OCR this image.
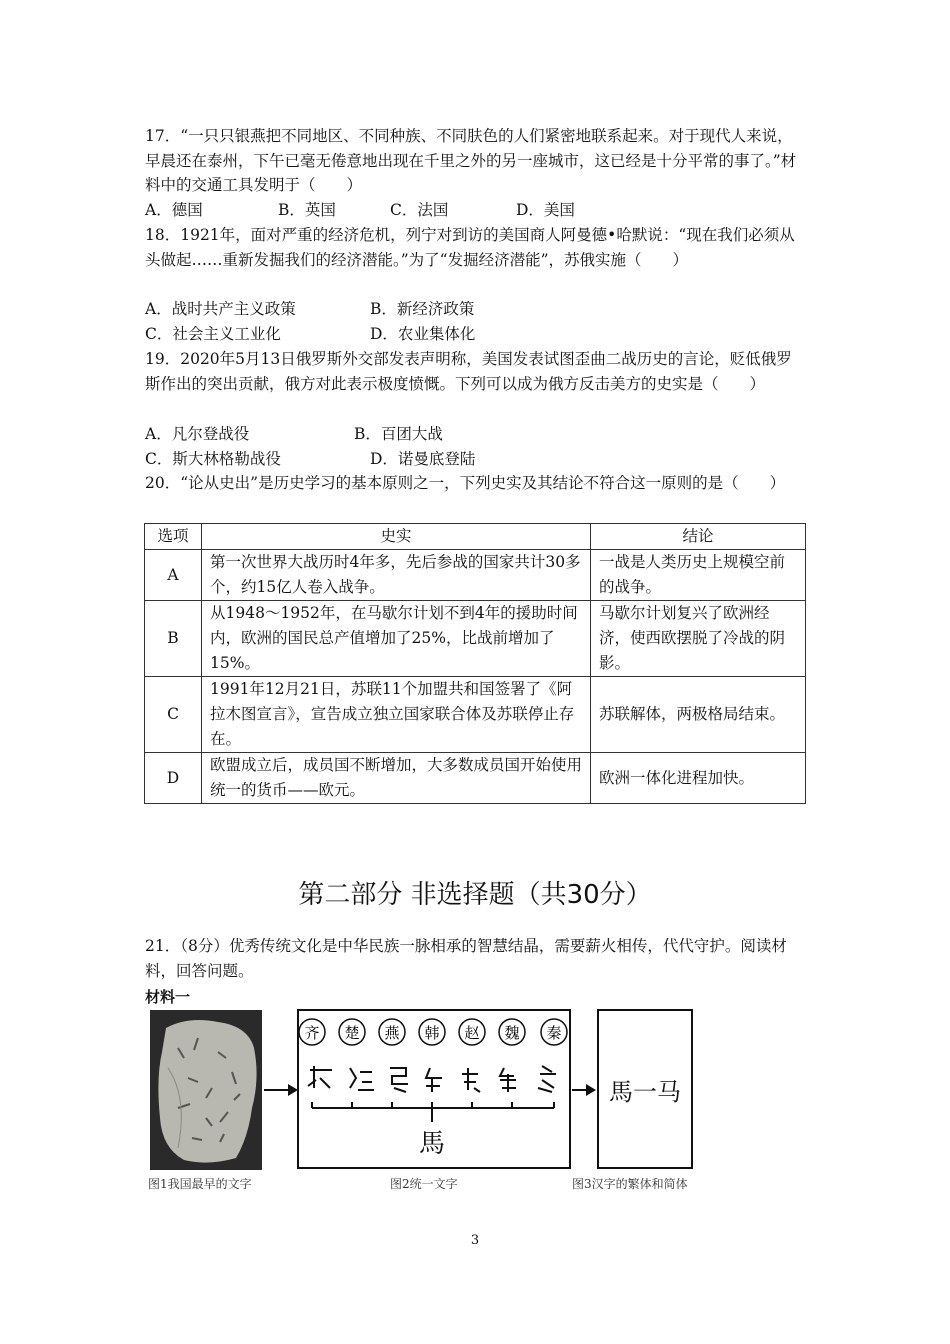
17．“一只只银燕把不同地区、不同种族、不同肤色的人们紧密地联系起来。对于现代人来说，早晨还在泰州，下午已毫无倦意地出现在千里之外的另一座城市，这已经是十分平常的事了。”材料中的交通工具发明于（　　）
A．德国	B．英国	C．法国	D．美国
18．1921年，面对严重的经济危机，列宁对到访的美国商人阿曼德•哈默说：“现在我们必须从头做起……重新发掘我们的经济潜能。”为了“发掘经济潜能”，苏俄实施（　　）
A．战时共产主义政策	B．新经济政策
C．社会主义工业化	D．农业集体化
19．2020年5月13日俄罗斯外交部发表声明称，美国发表试图歪曲二战历史的言论，贬低俄罗斯作出的突出贡献，俄方对此表示极度愤慨。下列可以成为俄方反击美方的史实是（　　）
A．凡尔登战役	B．百团大战
C．斯大林格勒战役	D．诺曼底登陆
20．“论从史出”是历史学习的基本原则之一，下列史实及其结论不符合这一原则的是（　　）
选项	史实	结论
A	第一次世界大战历时4年多，先后参战的国家共计30多个，约15亿人卷入战争。	一战是人类历史上规模空前的战争。
B	从1948～1952年，在马歇尔计划不到4年的援助时间内，欧洲的国民总产值增加了25%，比战前增加了15%。	马歇尔计划复兴了欧洲经济，使西欧摆脱了冷战的阴影。
C	1991年12月21日，苏联11个加盟共和国签署了《阿拉木图宣言》，宣告成立独立国家联合体及苏联停止存在。	苏联解体，两极格局结束。
D	欧盟成立后，成员国不断增加，大多数成员国开始使用统一的货币——欧元。	欧洲一体化进程加快。
第二部分 非选择题（共30分）
21．（8分）优秀传统文化是中华民族一脉相承的智慧结晶，需要薪火相传，代代守护。阅读材料，回答问题。
材料一
齐 楚 燕 韩 赵 魏 秦
馬
馬一马
图1我国最早的文字	图2统一文字	图3汉字的繁体和简体
3
